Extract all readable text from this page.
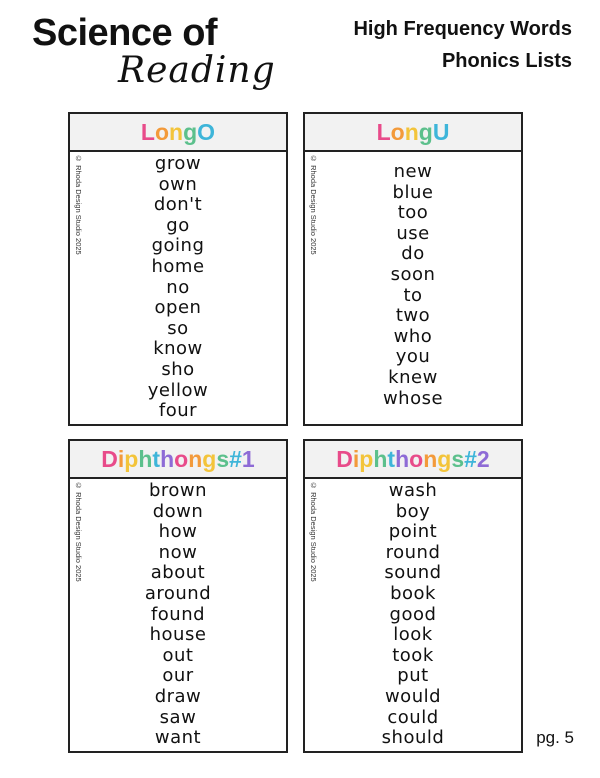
Science of
Reading
High Frequency Words
Phonics Lists
LongO
© Rhoda Design Studio 2025	grow
own
don't
go
going
home
no
open
so
know
sho
yellow
four
LongU
© Rhoda Design Studio 2025	new
blue
too
use
do
soon
to
two
who
you
knew
whose
Diphthongs#1
© Rhoda Design Studio 2025	brown
down
how
now
about
around
found
house
out
our
draw
saw
want
Diphthongs#2
© Rhoda Design Studio 2025	wash
boy
point
round
sound
book
good
look
took
put
would
could
should	pg. 5
